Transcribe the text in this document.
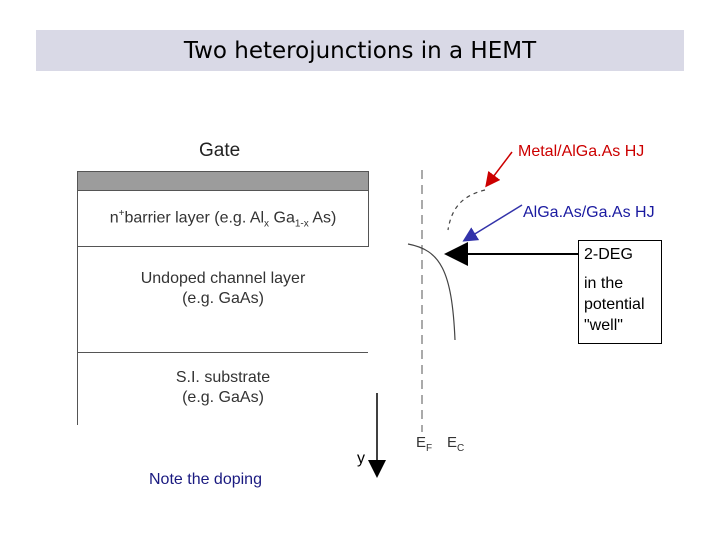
Two heterojunctions in a HEMT
Gate
n+barrier layer (e.g. $Al_x$ $Ga_{1-x}$ As)
Undoped channel layer
(e.g. GaAs)
S.I. substrate
(e.g. GaAs)
Metal/AlGa.As HJ
AlGa.As/Ga.As HJ
2-DEG
in the
potential
"well"
Note the doping
y
$E_F$ $E_C$
